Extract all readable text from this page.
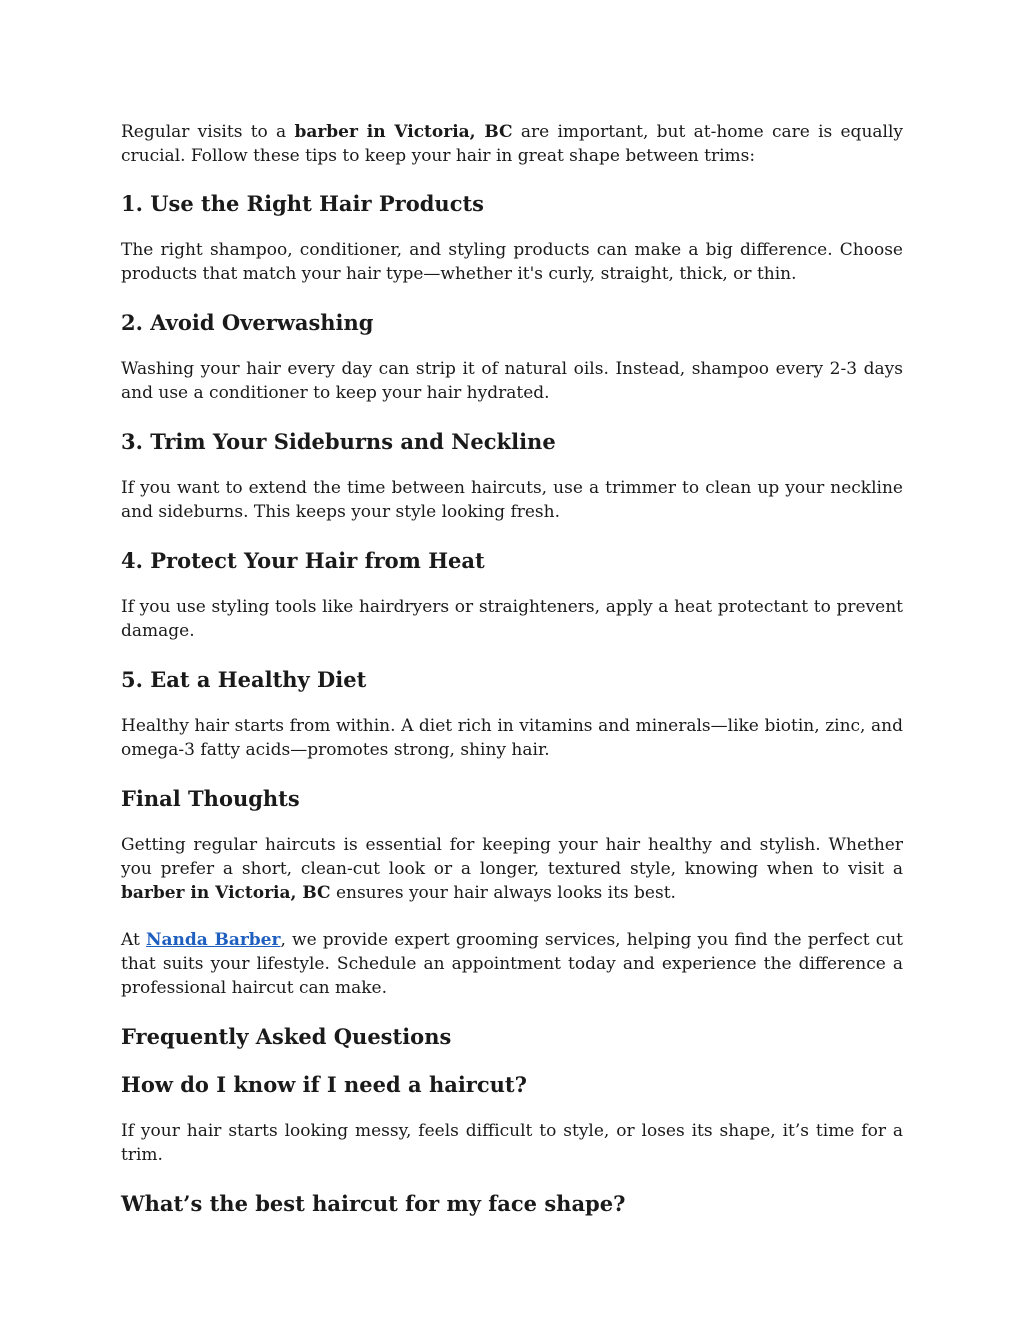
Regular visits to a barber in Victoria, BC are important, but at-home care is equally crucial. Follow these tips to keep your hair in great shape between trims:

1. Use the Right Hair Products

The right shampoo, conditioner, and styling products can make a big difference. Choose products that match your hair type—whether it's curly, straight, thick, or thin.

2. Avoid Overwashing

Washing your hair every day can strip it of natural oils. Instead, shampoo every 2-3 days and use a conditioner to keep your hair hydrated.

3. Trim Your Sideburns and Neckline

If you want to extend the time between haircuts, use a trimmer to clean up your neckline and sideburns. This keeps your style looking fresh.

4. Protect Your Hair from Heat

If you use styling tools like hairdryers or straighteners, apply a heat protectant to prevent damage.

5. Eat a Healthy Diet

Healthy hair starts from within. A diet rich in vitamins and minerals—like biotin, zinc, and omega-3 fatty acids—promotes strong, shiny hair.

Final Thoughts

Getting regular haircuts is essential for keeping your hair healthy and stylish. Whether you prefer a short, clean-cut look or a longer, textured style, knowing when to visit a barber in Victoria, BC ensures your hair always looks its best.

At Nanda Barber, we provide expert grooming services, helping you find the perfect cut that suits your lifestyle. Schedule an appointment today and experience the difference a professional haircut can make.

Frequently Asked Questions
How do I know if I need a haircut?

If your hair starts looking messy, feels difficult to style, or loses its shape, it’s time for a trim.

What’s the best haircut for my face shape?
